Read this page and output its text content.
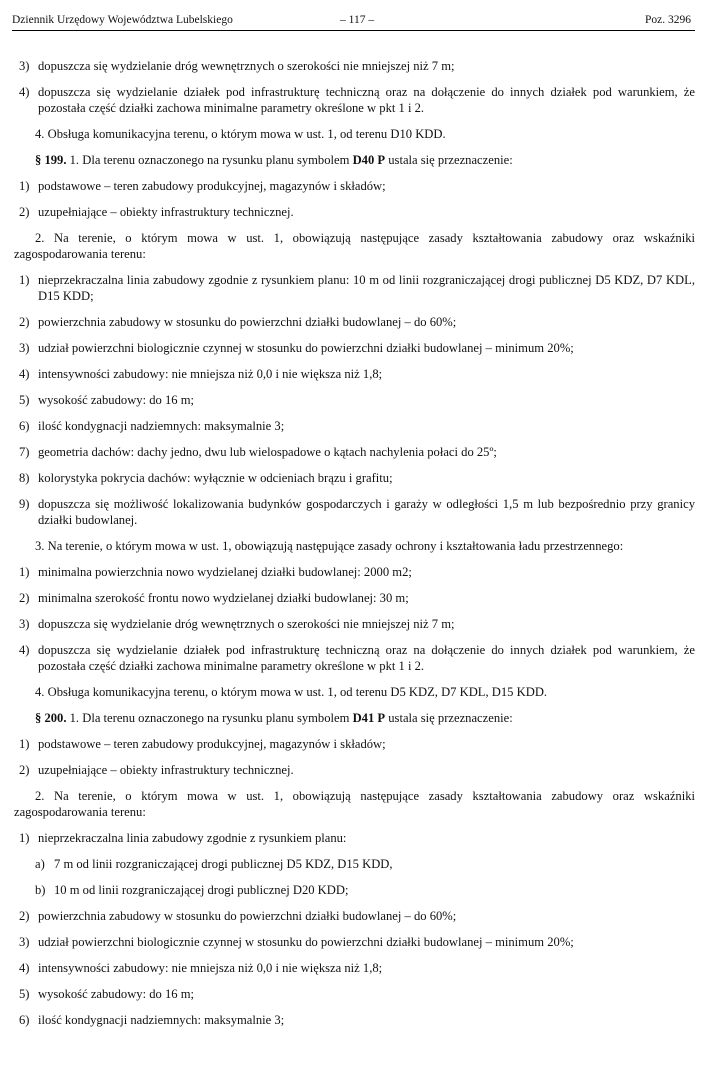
Dziennik Urzędowy Województwa Lubelskiego	– 117 –	Poz. 3296
3) dopuszcza się wydzielanie dróg wewnętrznych o szerokości nie mniejszej niż 7 m;
4) dopuszcza się wydzielanie działek pod infrastrukturę techniczną oraz na dołączenie do innych działek pod warunkiem, że pozostała część działki zachowa minimalne parametry określone w pkt 1 i 2.
4. Obsługa komunikacyjna terenu, o którym mowa w ust. 1, od terenu D10 KDD.
§ 199. 1. Dla terenu oznaczonego na rysunku planu symbolem D40 P ustala się przeznaczenie:
1) podstawowe – teren zabudowy produkcyjnej, magazynów i składów;
2) uzupełniające – obiekty infrastruktury technicznej.
2. Na terenie, o którym mowa w ust. 1, obowiązują następujące zasady kształtowania zabudowy oraz wskaźniki zagospodarowania terenu:
1) nieprzekraczalna linia zabudowy zgodnie z rysunkiem planu: 10 m od linii rozgraniczającej drogi publicznej D5 KDZ, D7 KDL, D15 KDD;
2) powierzchnia zabudowy w stosunku do powierzchni działki budowlanej – do 60%;
3) udział powierzchni biologicznie czynnej w stosunku do powierzchni działki budowlanej – minimum 20%;
4) intensywności zabudowy: nie mniejsza niż 0,0 i nie większa niż 1,8;
5) wysokość zabudowy: do 16 m;
6) ilość kondygnacji nadziemnych: maksymalnie 3;
7) geometria dachów: dachy jedno, dwu lub wielospadowe o kątach nachylenia połaci do 25º;
8) kolorystyka pokrycia dachów: wyłącznie w odcieniach brązu i grafitu;
9) dopuszcza się możliwość lokalizowania budynków gospodarczych i garaży w odległości 1,5 m lub bezpośrednio przy granicy działki budowlanej.
3. Na terenie, o którym mowa w ust. 1, obowiązują następujące zasady ochrony i kształtowania ładu przestrzennego:
1) minimalna powierzchnia nowo wydzielanej działki budowlanej: 2000 m2;
2) minimalna szerokość frontu nowo wydzielanej działki budowlanej: 30 m;
3) dopuszcza się wydzielanie dróg wewnętrznych o szerokości nie mniejszej niż 7 m;
4) dopuszcza się wydzielanie działek pod infrastrukturę techniczną oraz na dołączenie do innych działek pod warunkiem, że pozostała część działki zachowa minimalne parametry określone w pkt 1 i 2.
4. Obsługa komunikacyjna terenu, o którym mowa w ust. 1, od terenu D5 KDZ, D7 KDL, D15 KDD.
§ 200. 1. Dla terenu oznaczonego na rysunku planu symbolem D41 P ustala się przeznaczenie:
1) podstawowe – teren zabudowy produkcyjnej, magazynów i składów;
2) uzupełniające – obiekty infrastruktury technicznej.
2. Na terenie, o którym mowa w ust. 1, obowiązują następujące zasady kształtowania zabudowy oraz wskaźniki zagospodarowania terenu:
1) nieprzekraczalna linia zabudowy zgodnie z rysunkiem planu:
a) 7 m od linii rozgraniczającej drogi publicznej D5 KDZ, D15 KDD,
b) 10 m od linii rozgraniczającej drogi publicznej D20 KDD;
2) powierzchnia zabudowy w stosunku do powierzchni działki budowlanej – do 60%;
3) udział powierzchni biologicznie czynnej w stosunku do powierzchni działki budowlanej – minimum 20%;
4) intensywności zabudowy: nie mniejsza niż 0,0 i nie większa niż 1,8;
5) wysokość zabudowy: do 16 m;
6) ilość kondygnacji nadziemnych: maksymalnie 3;
